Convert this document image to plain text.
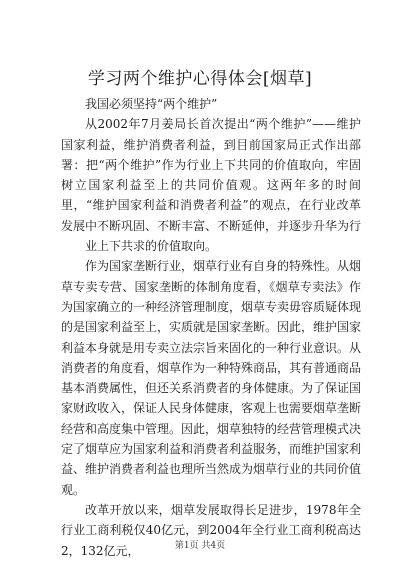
学习两个维护心得体会[烟草]

我国必须坚持“两个维护”

从2002年7月姜局长首次提出“两个维护”——维护国家利益，维护消费者利益，到目前国家局正式作出部署：把“两个维护”作为行业上下共同的价值取向，牢固树立国家利益至上的共同价值观。这两年多的时间里，“维护国家利益和消费者利益”的观点，在行业改革发展中不断巩固、不断丰富、不断延伸，并逐步升华为行

业上下共求的价值取向。

作为国家垄断行业，烟草行业有自身的特殊性。从烟草专卖专营、国家垄断的体制角度看，《烟草专卖法》作为国家确立的一种经济管理制度，烟草专卖毋容质疑体现的是国家利益至上，实质就是国家垄断。因此，维护国家利益本身就是用专卖立法宗旨来固化的一种行业意识。从消费者的角度看，烟草作为一种特殊商品，其有普通商品基本消费属性，但还关系消费者的身体健康。为了保证国家财政收入，保证人民身体健康，客观上也需要烟草垄断经营和高度集中管理。因此，烟草独特的经营管理模式决定了烟草应为国家利益和消费者利益服务，而维护国家利益、维护消费者利益也理所当然成为烟草行业的共同价值观。

改革开放以来，烟草发展取得长足进步，1978年全行业工商利税仅40亿元，到2004年全行业工商利税高达2，132亿元，	第1页 共4页
